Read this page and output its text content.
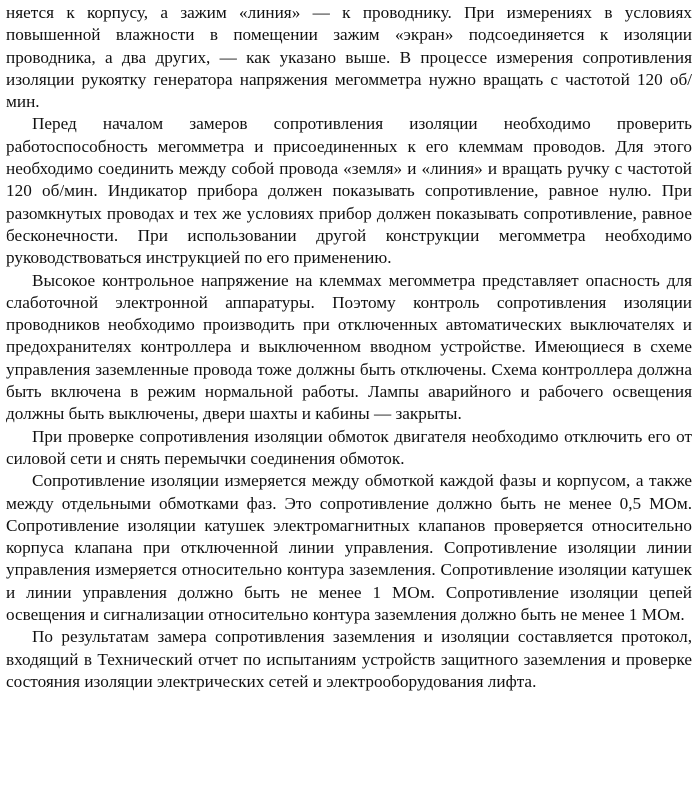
няется к корпусу, а зажим «линия» — к проводнику. При измерениях в условиях повышенной влажности в помещении зажим «экран» подсоединяется к изоляции проводника, а два других, — как указано выше. В процессе измерения сопротивления изоляции рукоятку генератора напряжения мегомметра нужно вращать с частотой 120 об/мин.

Перед началом замеров сопротивления изоляции необходимо проверить работоспособность мегомметра и присоединенных к его клеммам проводов. Для этого необходимо соединить между собой провода «земля» и «линия» и вращать ручку с частотой 120 об/мин. Индикатор прибора должен показывать сопротивление, равное нулю. При разомкнутых проводах и тех же условиях прибор должен показывать сопротивление, равное бесконечности. При использовании другой конструкции мегомметра необходимо руководствоваться инструкцией по его применению.

Высокое контрольное напряжение на клеммах мегомметра представляет опасность для слаботочной электронной аппаратуры. Поэтому контроль сопротивления изоляции проводников необходимо производить при отключенных автоматических выключателях и предохранителях контроллера и выключенном вводном устройстве. Имеющиеся в схеме управления заземленные провода тоже должны быть отключены. Схема контроллера должна быть включена в режим нормальной работы. Лампы аварийного и рабочего освещения должны быть выключены, двери шахты и кабины — закрыты.

При проверке сопротивления изоляции обмоток двигателя необходимо отключить его от силовой сети и снять перемычки соединения обмоток.

Сопротивление изоляции измеряется между обмоткой каждой фазы и корпусом, а также между отдельными обмотками фаз. Это сопротивление должно быть не менее 0,5 МОм. Сопротивление изоляции катушек электромагнитных клапанов проверяется относительно корпуса клапана при отключенной линии управления. Сопротивление изоляции линии управления измеряется относительно контура заземления. Сопротивление изоляции катушек и линии управления должно быть не менее 1 МОм. Сопротивление изоляции цепей освещения и сигнализации относительно контура заземления должно быть не менее 1 МОм.

По результатам замера сопротивления заземления и изоляции составляется протокол, входящий в Технический отчет по испытаниям устройств защитного заземления и проверке состояния изоляции электрических сетей и электрооборудования лифта.
